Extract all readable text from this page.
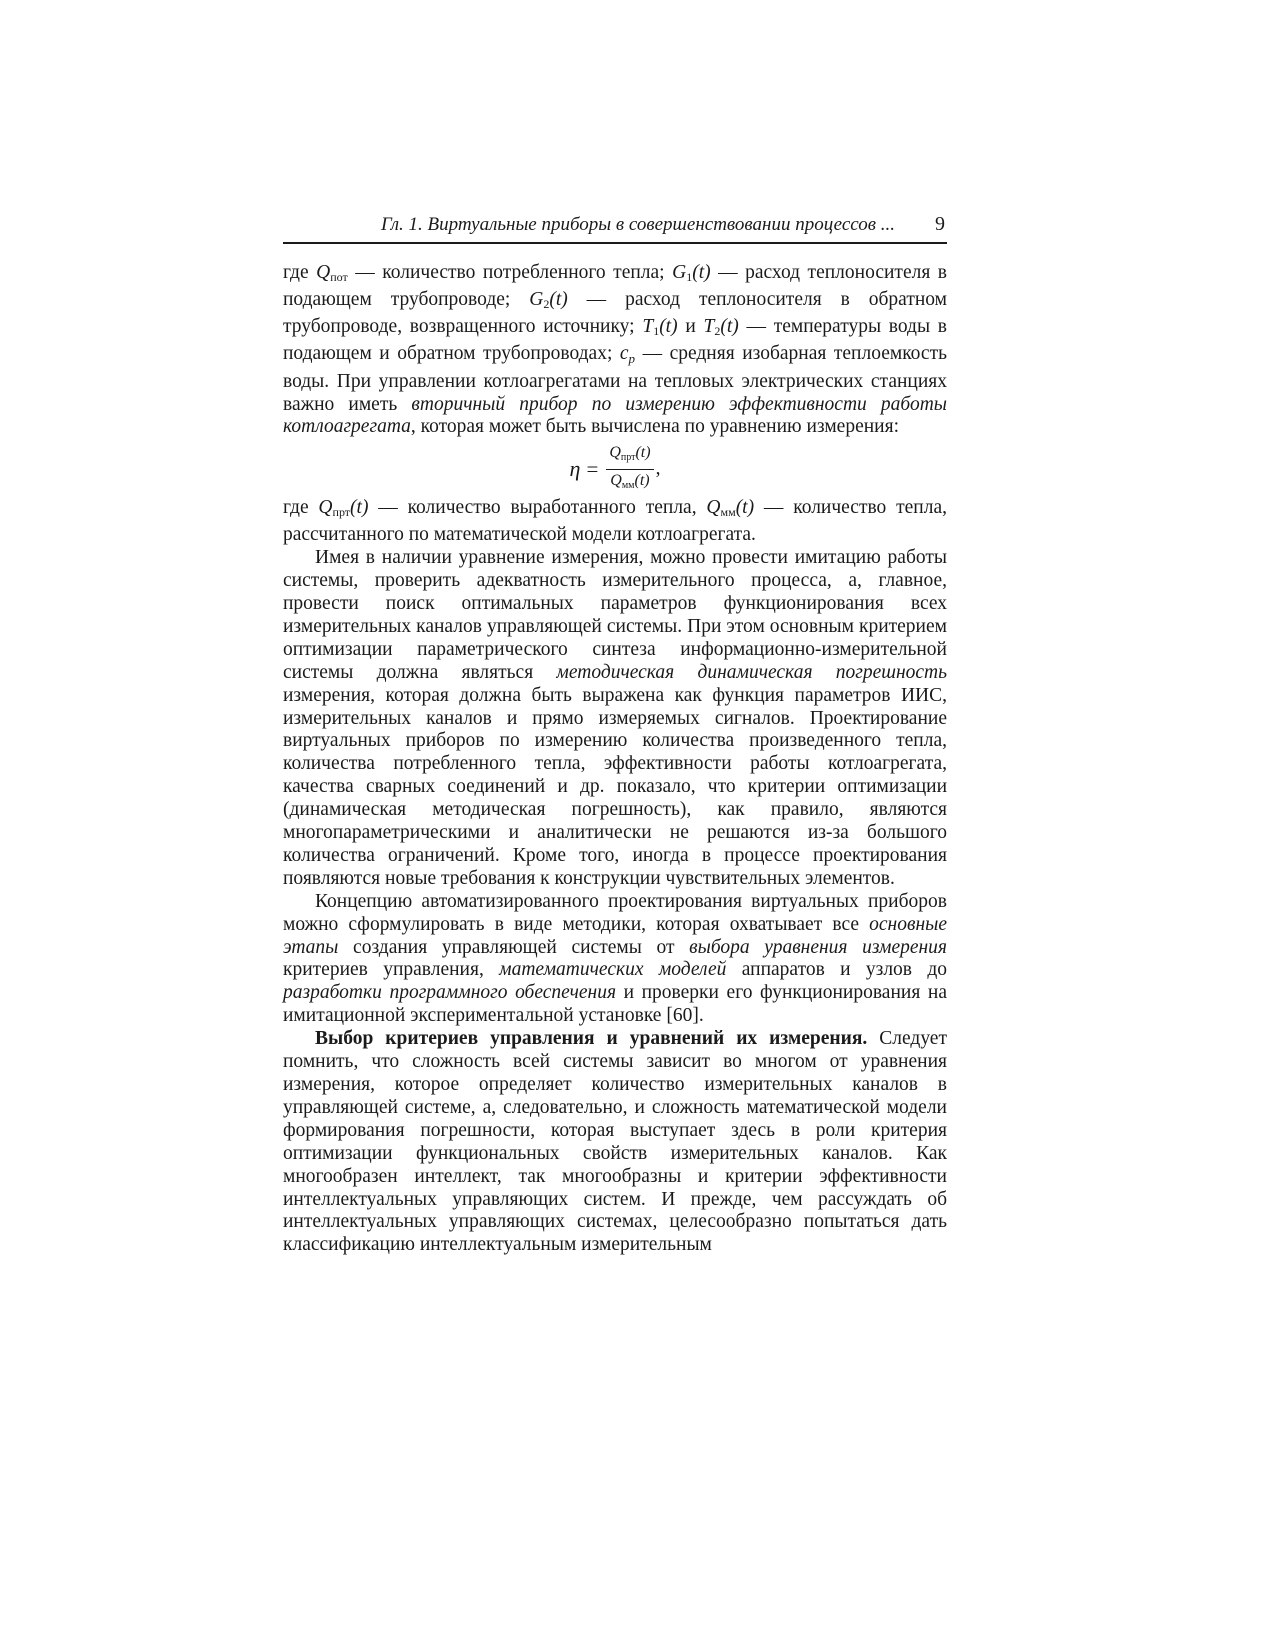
Гл. 1. Виртуальные приборы в совершенствовании процессов ... 9

где $Q_{пот}$ — количество потребленного тепла; $G_1(t)$ — расход теплоносителя в подающем трубопроводе; $G_2(t)$ — расход теплоносителя в обратном трубопроводе, возвращенного источнику; $T_1(t)$ и $T_2(t)$ — температуры воды в подающем и обратном трубопроводах; $c_p$ — средняя изобарная теплоемкость воды. При управлении котлоагрегатами на тепловых электрических станциях важно иметь вторичный прибор по измерению эффективности работы котлоагрегата, которая может быть вычислена по уравнению измерения:

$\eta = \frac{\text{Qпрт(t)}}{\text{Qмм(t)}}$ ,

где $Q_{прт}(t)$ — количество выработанного тепла, $Q_{мм}(t)$ — количество тепла, рассчитанного по математической модели котлоагрегата.

Имея в наличии уравнение измерения, можно провести имитацию работы системы, проверить адекватность измерительного процесса, а, главное, провести поиск оптимальных параметров функционирования всех измерительных каналов управляющей системы. При этом основным критерием оптимизации параметрического синтеза информационно-измерительной системы должна являться методическая динамическая погрешность измерения, которая должна быть выражена как функция параметров ИИС, измерительных каналов и прямо измеряемых сигналов. Проектирование виртуальных приборов по измерению количества произведенного тепла, количества потребленного тепла, эффективности работы котлоагрегата, качества сварных соединений и др. показало, что критерии оптимизации (динамическая методическая погрешность), как правило, являются многопараметрическими и аналитически не решаются из-за большого количества ограничений. Кроме того, иногда в процессе проектирования появляются новые требования к конструкции чувствительных элементов.

Концепцию автоматизированного проектирования виртуальных приборов можно сформулировать в виде методики, которая охватывает все основные этапы создания управляющей системы от выбора уравнения измерения критериев управления, математических моделей аппаратов и узлов до разработки программного обеспечения и проверки его функционирования на имитационной экспериментальной установке [60].

Выбор критериев управления и уравнений их измерения. Следует помнить, что сложность всей системы зависит во многом от уравнения измерения, которое определяет количество измерительных каналов в управляющей системе, а, следовательно, и сложность математической модели формирования погрешности, которая выступает здесь в роли критерия оптимизации функциональных свойств измерительных каналов. Как многообразен интеллект, так многообразны и критерии эффективности интеллектуальных управляющих систем. И прежде, чем рассуждать об интеллектуальных управляющих системах, целесообразно попытаться дать классификацию интеллектуальным измерительным
